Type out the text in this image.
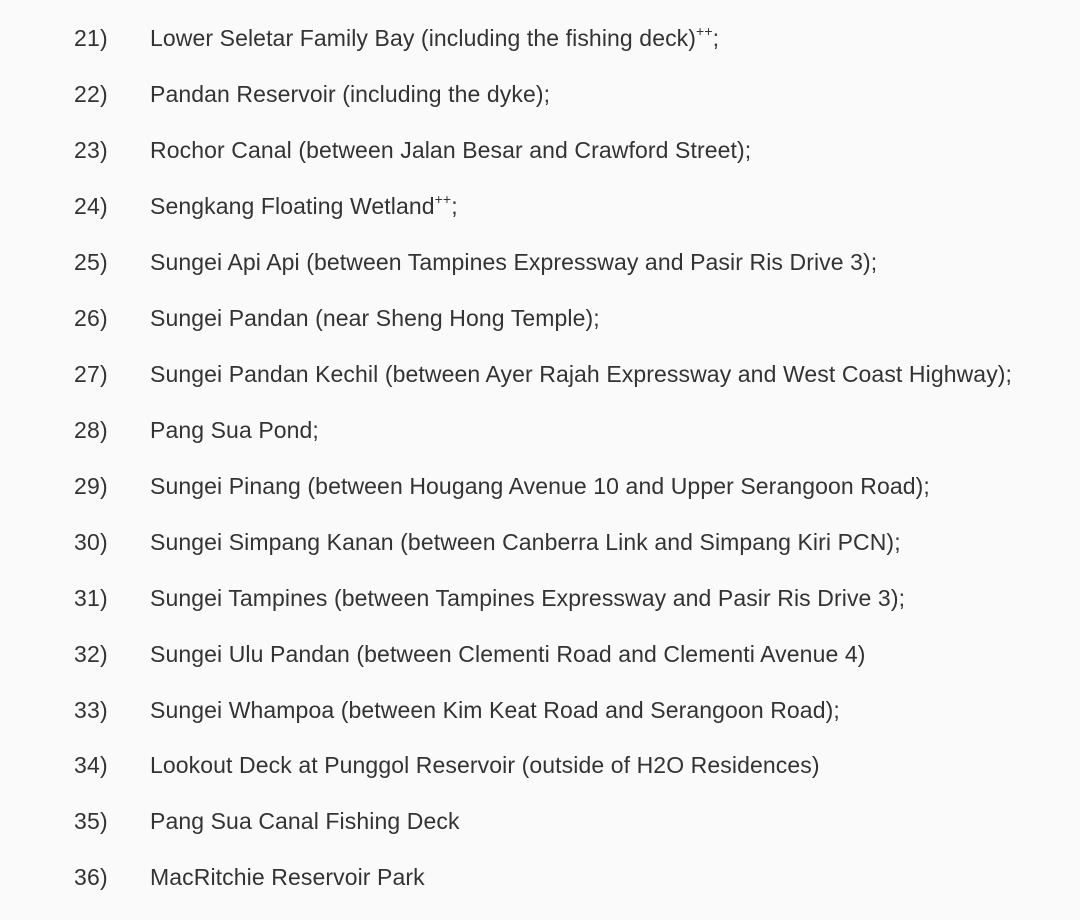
21) Lower Seletar Family Bay (including the fishing deck)++;
22) Pandan Reservoir (including the dyke);
23) Rochor Canal (between Jalan Besar and Crawford Street);
24) Sengkang Floating Wetland++;
25) Sungei Api Api (between Tampines Expressway and Pasir Ris Drive 3);
26) Sungei Pandan (near Sheng Hong Temple);
27) Sungei Pandan Kechil (between Ayer Rajah Expressway and West Coast Highway);
28) Pang Sua Pond;
29) Sungei Pinang (between Hougang Avenue 10 and Upper Serangoon Road);
30) Sungei Simpang Kanan (between Canberra Link and Simpang Kiri PCN);
31) Sungei Tampines (between Tampines Expressway and Pasir Ris Drive 3);
32) Sungei Ulu Pandan (between Clementi Road and Clementi Avenue 4)
33) Sungei Whampoa (between Kim Keat Road and Serangoon Road);
34) Lookout Deck at Punggol Reservoir (outside of H2O Residences)
35) Pang Sua Canal Fishing Deck
36) MacRitchie Reservoir Park
